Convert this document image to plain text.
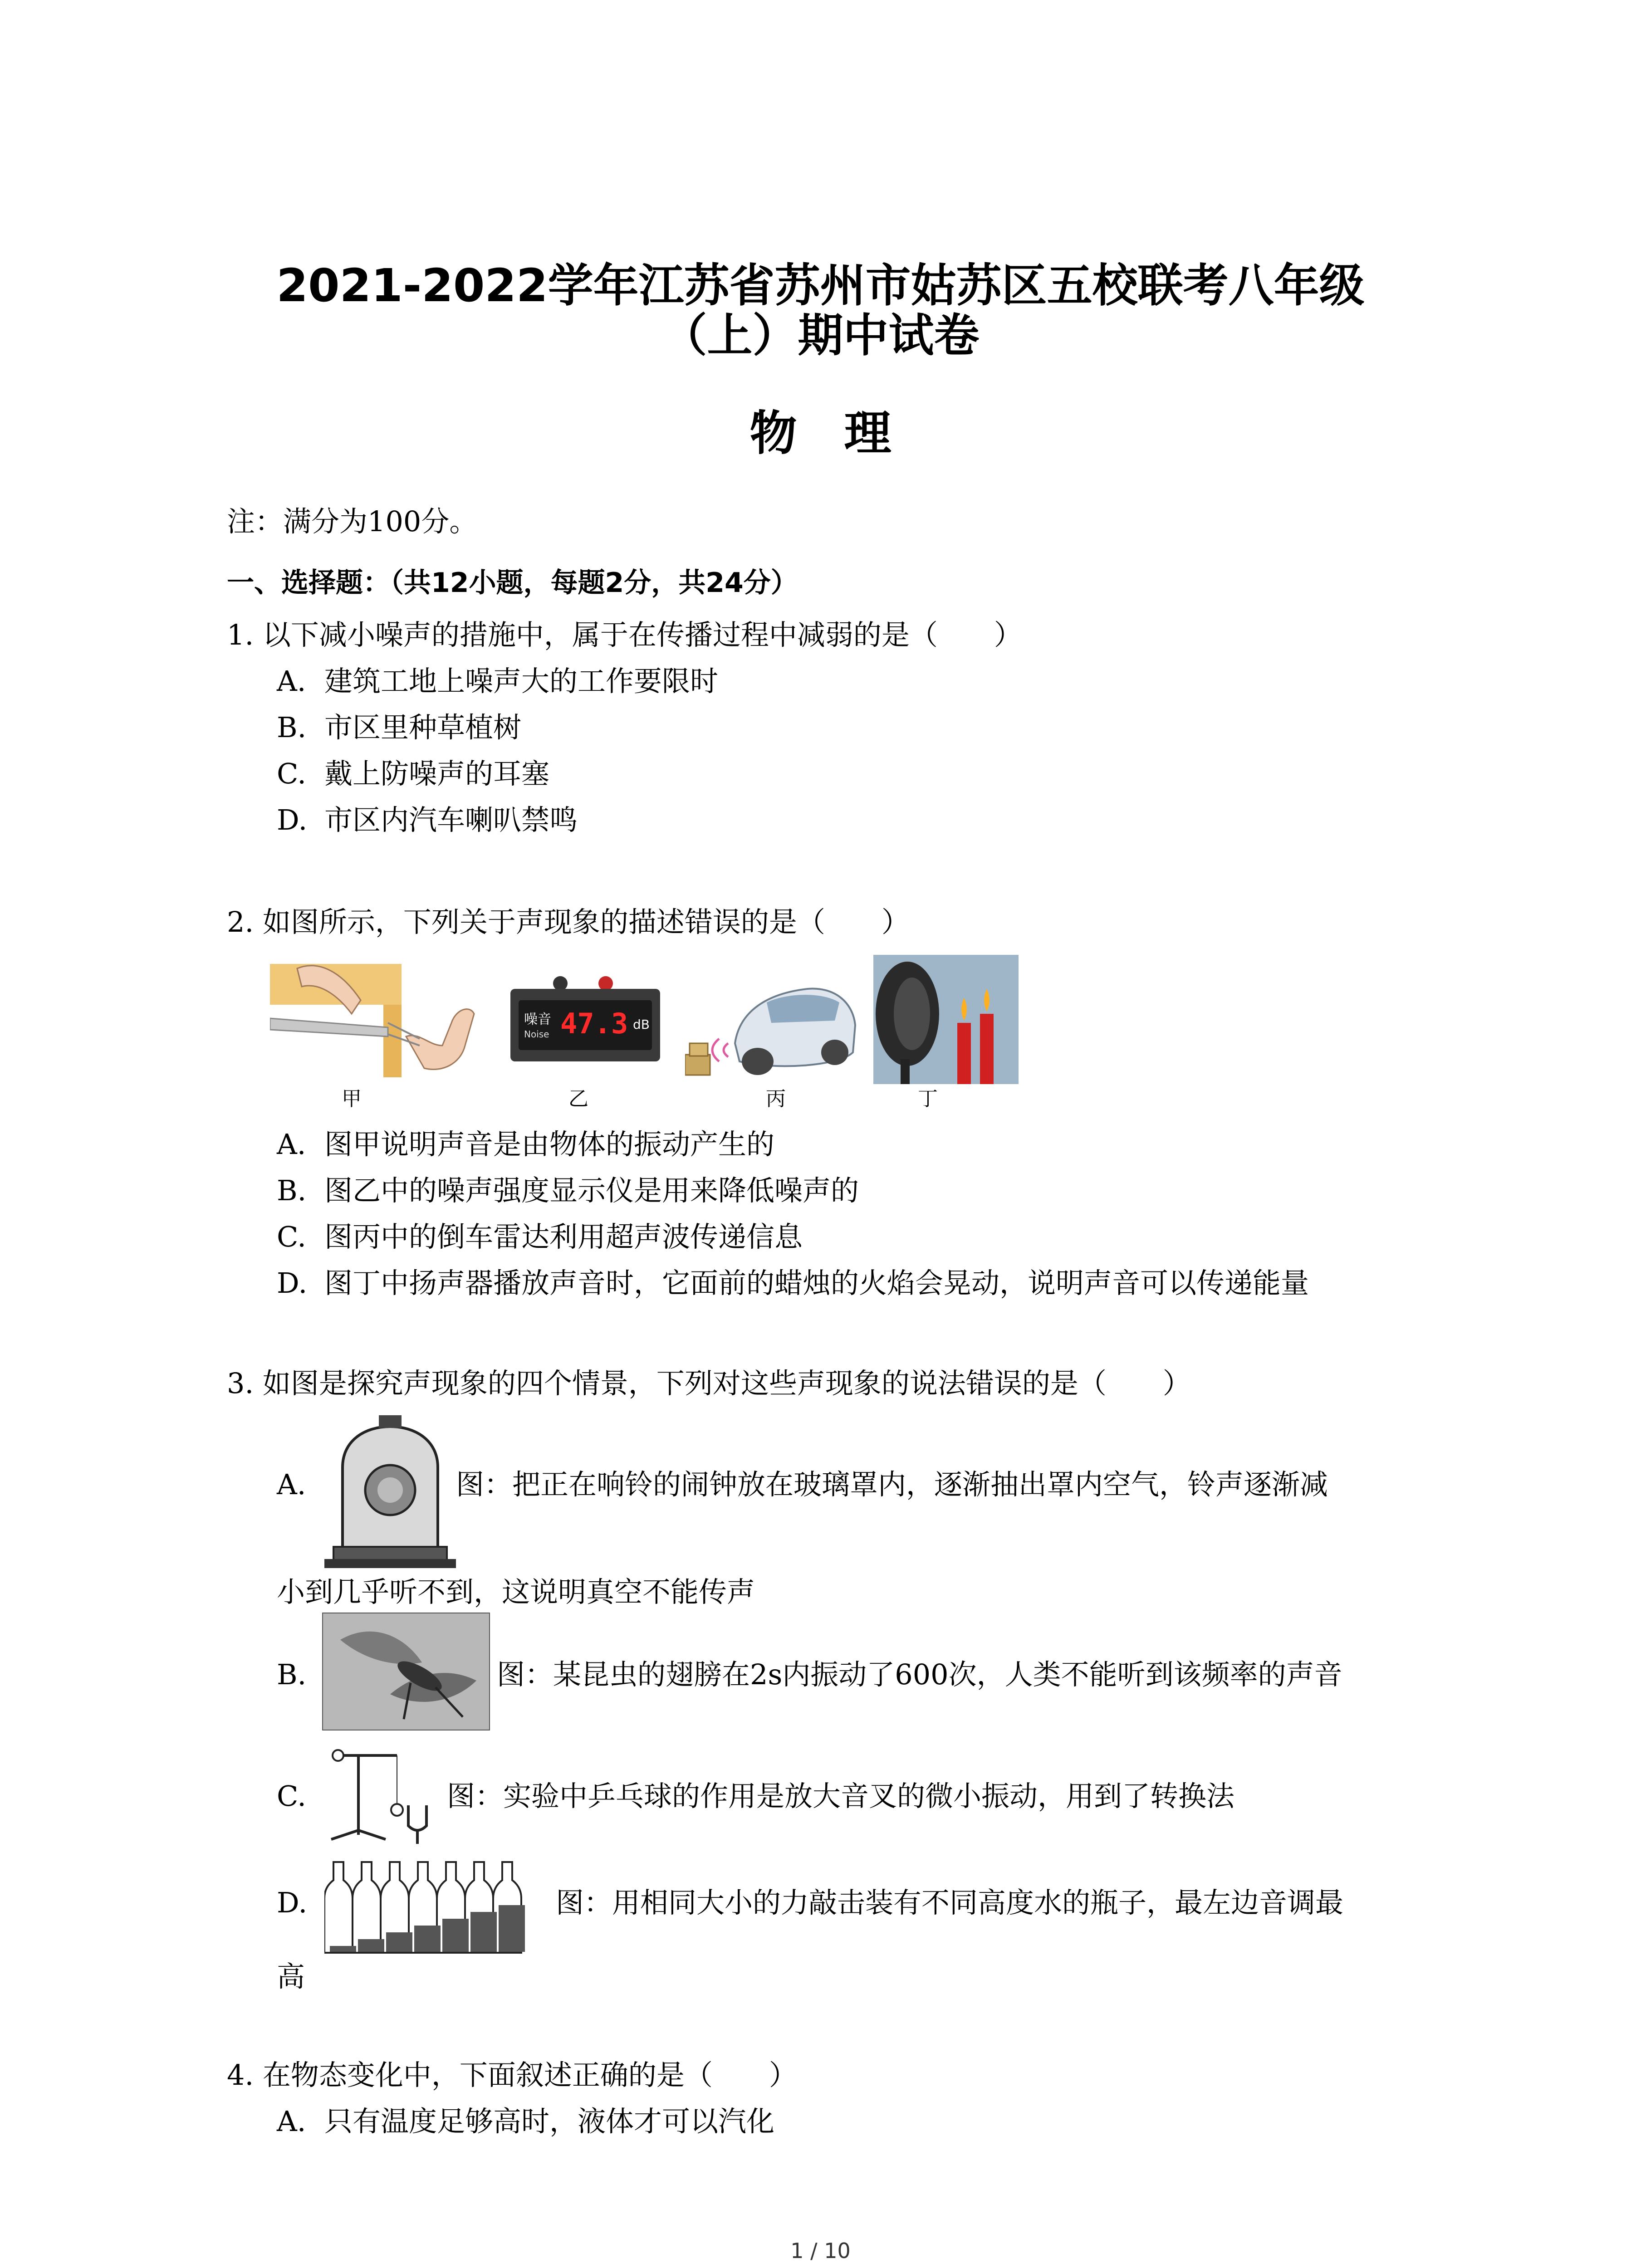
2021-2022学年江苏省苏州市姑苏区五校联考八年级
（上）期中试卷
物　理
注：满分为100分。
一、选择题：（共12小题，每题2分，共24分）
1. 以下减小噪声的措施中，属于在传播过程中减弱的是（　　）
A. 建筑工地上噪声大的工作要限时
B. 市区里种草植树
C. 戴上防噪声的耳塞
D. 市区内汽车喇叭禁鸣
2. 如图所示，下列关于声现象的描述错误的是（　　）
甲
噪音
Noise 47.3 dB
乙	丙	丁
A. 图甲说明声音是由物体的振动产生的
B. 图乙中的噪声强度显示仪是用来降低噪声的
C. 图丙中的倒车雷达利用超声波传递信息
D. 图丁中扬声器播放声音时，它面前的蜡烛的火焰会晃动，说明声音可以传递能量
3. 如图是探究声现象的四个情景，下列对这些声现象的说法错误的是（　　）
A.	图：把正在响铃的闹钟放在玻璃罩内，逐渐抽出罩内空气，铃声逐渐减
小到几乎听不到，这说明真空不能传声
B.	图：某昆虫的翅膀在2s内振动了600次，人类不能听到该频率的声音
C.	图：实验中乒乓球的作用是放大音叉的微小振动，用到了转换法
D.	图：用相同大小的力敲击装有不同高度水的瓶子，最左边音调最
高
4. 在物态变化中，下面叙述正确的是（　　）
A. 只有温度足够高时，液体才可以汽化
1 / 10
